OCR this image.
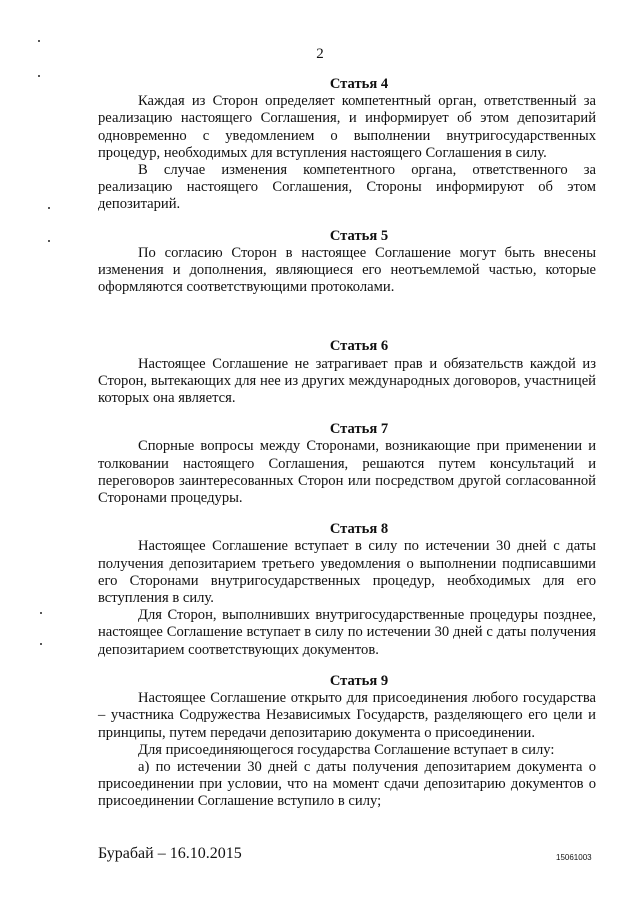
2

Статья 4

Каждая из Сторон определяет компетентный орган, ответственный за реализацию настоящего Соглашения, и информирует об этом депозитарий одновременно с уведомлением о выполнении внутригосударственных процедур, необходимых для вступления настоящего Соглашения в силу.

В случае изменения компетентного органа, ответственного за реализацию настоящего Соглашения, Стороны информируют об этом депозитарий.

Статья 5

По согласию Сторон в настоящее Соглашение могут быть внесены изменения и дополнения, являющиеся его неотъемлемой частью, которые оформляются соответствующими протоколами.

Статья 6

Настоящее Соглашение не затрагивает прав и обязательств каждой из Сторон, вытекающих для нее из других международных договоров, участницей которых она является.

Статья 7

Спорные вопросы между Сторонами, возникающие при применении и толковании настоящего Соглашения, решаются путем консультаций и переговоров заинтересованных Сторон или посредством другой согласованной Сторонами процедуры.

Статья 8

Настоящее Соглашение вступает в силу по истечении 30 дней с даты получения депозитарием третьего уведомления о выполнении подписавшими его Сторонами внутригосударственных процедур, необходимых для его вступления в силу.

Для Сторон, выполнивших внутригосударственные процедуры позднее, настоящее Соглашение вступает в силу по истечении 30 дней с даты получения депозитарием соответствующих документов.

Статья 9

Настоящее Соглашение открыто для присоединения любого государства – участника Содружества Независимых Государств, разделяющего его цели и принципы, путем передачи депозитарию документа о присоединении.

Для присоединяющегося государства Соглашение вступает в силу:

а) по истечении 30 дней с даты получения депозитарием документа о присоединении при условии, что на момент сдачи депозитарию документов о присоединении Соглашение вступило в силу;

Бурабай – 16.10.2015	15061003
